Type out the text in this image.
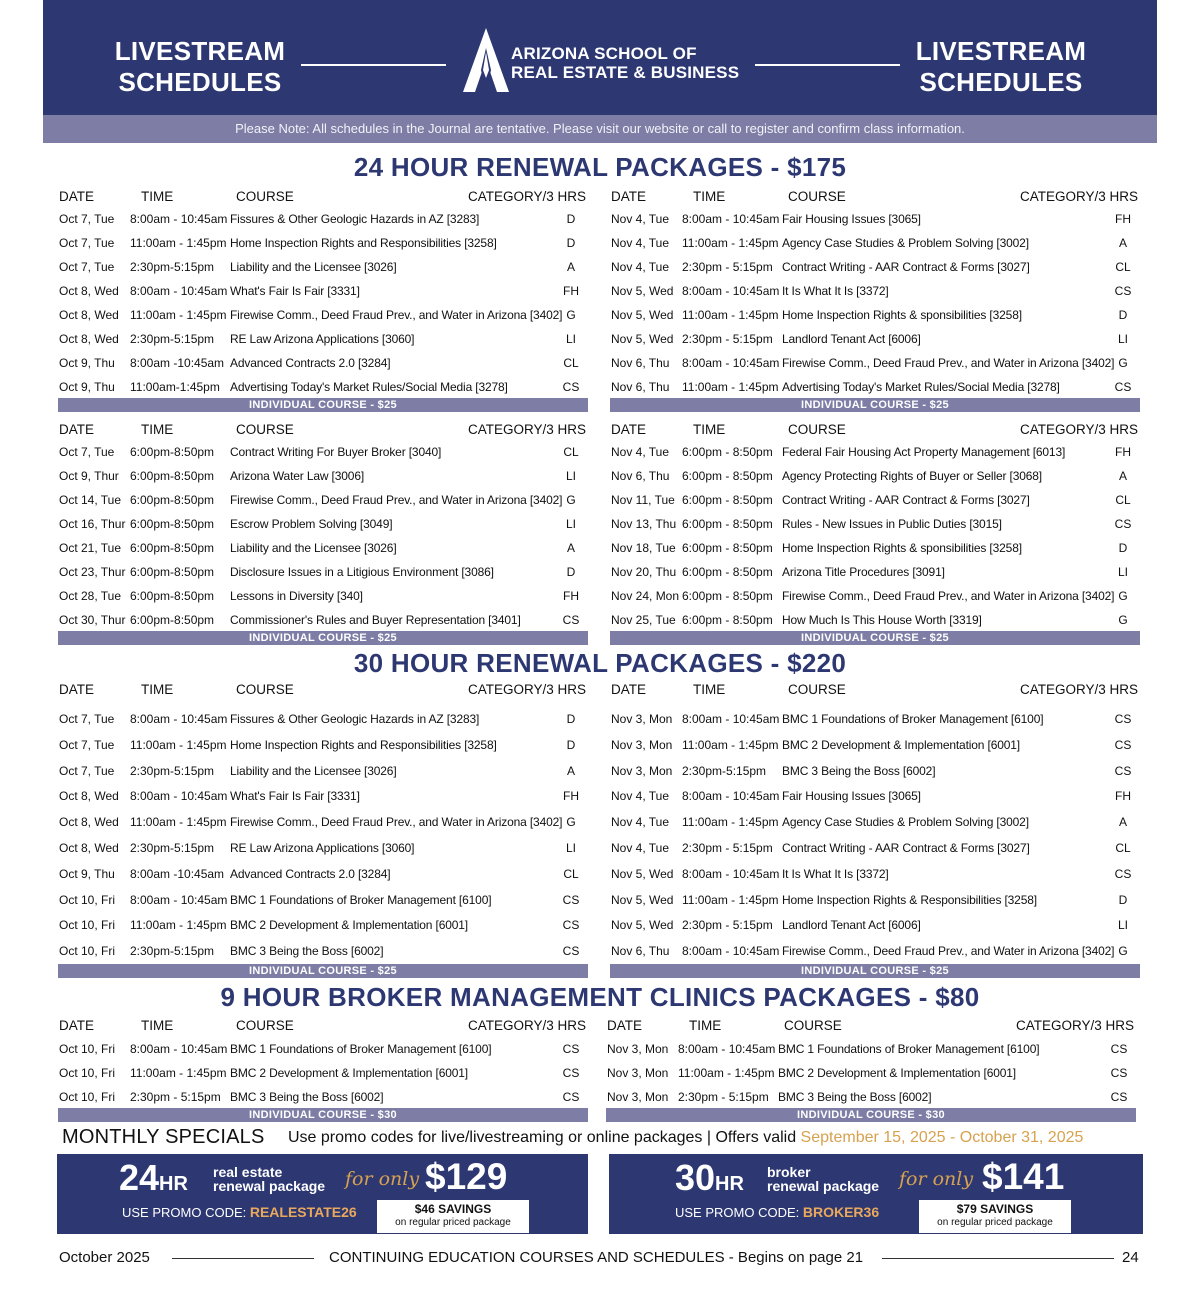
LIVESTREAM
SCHEDULES
ARIZONA SCHOOL OF
REAL ESTATE & BUSINESS
LIVESTREAM
SCHEDULES
Please Note: All schedules in the Journal are tentative. Please visit our website or call to register and confirm class information.
24 HOUR RENEWAL PACKAGES - $175
30 HOUR RENEWAL PACKAGES - $220
9 HOUR BROKER MANAGEMENT CLINICS PACKAGES - $80
DATE	TIME	COURSE	CATEGORY/3 HRS
Oct 7, Tue 8:00am - 10:45am Fissures & Other Geologic Hazards in AZ [3283]	D
Oct 7, Tue 11:00am - 1:45pm Home Inspection Rights and Responsibilities [3258]	D
Oct 7, Tue 2:30pm-5:15pm Liability and the Licensee [3026]	A
Oct 8, Wed 8:00am - 10:45am What's Fair Is Fair [3331]	FH
Oct 8, Wed 11:00am - 1:45pm Firewise Comm., Deed Fraud Prev., and Water in Arizona [3402] G
Oct 8, Wed 2:30pm-5:15pm RE Law Arizona Applications [3060]	LI
Oct 9, Thu 8:00am -10:45am Advanced Contracts 2.0 [3284]	CL
Oct 9, Thu 11:00am-1:45pm Advertising Today's Market Rules/Social Media [3278]	CS
INDIVIDUAL COURSE - $25
DATE	TIME	COURSE	CATEGORY/3 HRS
Nov 4, Tue 8:00am - 10:45am Fair Housing Issues [3065]	FH
Nov 4, Tue 11:00am - 1:45pm Agency Case Studies & Problem Solving [3002]	A
Nov 4, Tue 2:30pm - 5:15pm Contract Writing - AAR Contract & Forms [3027]	CL
Nov 5, Wed 8:00am - 10:45am It Is What It Is [3372]	CS
Nov 5, Wed 11:00am - 1:45pm Home Inspection Rights & sponsibilities [3258]	D
Nov 5, Wed 2:30pm - 5:15pm Landlord Tenant Act [6006]	LI
Nov 6, Thu 8:00am - 10:45am Firewise Comm., Deed Fraud Prev., and Water in Arizona [3402] G
Nov 6, Thu 11:00am - 1:45pm Advertising Today's Market Rules/Social Media [3278]	CS
INDIVIDUAL COURSE - $25
DATE	TIME	COURSE	CATEGORY/3 HRS
Oct 7, Tue 6:00pm-8:50pm Contract Writing For Buyer Broker [3040]	CL
Oct 9, Thur 6:00pm-8:50pm Arizona Water Law [3006]	LI
Oct 14, Tue 6:00pm-8:50pm Firewise Comm., Deed Fraud Prev., and Water in Arizona [3402] G
Oct 16, Thur 6:00pm-8:50pm Escrow Problem Solving [3049]	LI
Oct 21, Tue 6:00pm-8:50pm Liability and the Licensee [3026]	A
Oct 23, Thur 6:00pm-8:50pm Disclosure Issues in a Litigious Environment [3086]	D
Oct 28, Tue 6:00pm-8:50pm Lessons in Diversity [340]	FH
Oct 30, Thur 6:00pm-8:50pm Commissioner's Rules and Buyer Representation [3401]	CS
INDIVIDUAL COURSE - $25
DATE	TIME	COURSE	CATEGORY/3 HRS
Nov 4, Tue 6:00pm - 8:50pm Federal Fair Housing Act Property Management [6013]	FH
Nov 6, Thu 6:00pm - 8:50pm Agency Protecting Rights of Buyer or Seller [3068]	A
Nov 11, Tue 6:00pm - 8:50pm Contract Writing - AAR Contract & Forms [3027]	CL
Nov 13, Thu 6:00pm - 8:50pm Rules - New Issues in Public Duties [3015]	CS
Nov 18, Tue 6:00pm - 8:50pm Home Inspection Rights & sponsibilities [3258]	D
Nov 20, Thu 6:00pm - 8:50pm Arizona Title Procedures [3091]	LI
Nov 24, Mon 6:00pm - 8:50pm Firewise Comm., Deed Fraud Prev., and Water in Arizona [3402] G
Nov 25, Tue 6:00pm - 8:50pm How Much Is This House Worth [3319]	G
INDIVIDUAL COURSE - $25
DATE	TIME	COURSE	CATEGORY/3 HRS
Oct 7, Tue 8:00am - 10:45am Fissures & Other Geologic Hazards in AZ [3283]	D
Oct 7, Tue 11:00am - 1:45pm Home Inspection Rights and Responsibilities [3258]	D
Oct 7, Tue 2:30pm-5:15pm Liability and the Licensee [3026]	A
Oct 8, Wed 8:00am - 10:45am What's Fair Is Fair [3331]	FH
Oct 8, Wed 11:00am - 1:45pm Firewise Comm., Deed Fraud Prev., and Water in Arizona [3402] G
Oct 8, Wed 2:30pm-5:15pm RE Law Arizona Applications [3060]	LI
Oct 9, Thu 8:00am -10:45am Advanced Contracts 2.0 [3284]	CL
Oct 10, Fri 8:00am - 10:45am BMC 1 Foundations of Broker Management [6100]	CS
Oct 10, Fri 11:00am - 1:45pm BMC 2 Development & Implementation [6001]	CS
Oct 10, Fri 2:30pm-5:15pm BMC 3 Being the Boss [6002]	CS
INDIVIDUAL COURSE - $25
DATE	TIME	COURSE	CATEGORY/3 HRS
Nov 3, Mon 8:00am - 10:45am BMC 1 Foundations of Broker Management [6100]	CS
Nov 3, Mon 11:00am - 1:45pm BMC 2 Development & Implementation [6001]	CS
Nov 3, Mon 2:30pm-5:15pm BMC 3 Being the Boss [6002]	CS
Nov 4, Tue 8:00am - 10:45am Fair Housing Issues [3065]	FH
Nov 4, Tue 11:00am - 1:45pm Agency Case Studies & Problem Solving [3002]	A
Nov 4, Tue 2:30pm - 5:15pm Contract Writing - AAR Contract & Forms [3027]	CL
Nov 5, Wed 8:00am - 10:45am It Is What It Is [3372]	CS
Nov 5, Wed 11:00am - 1:45pm Home Inspection Rights & Responsibilities [3258]	D
Nov 5, Wed 2:30pm - 5:15pm Landlord Tenant Act [6006]	LI
Nov 6, Thu 8:00am - 10:45am Firewise Comm., Deed Fraud Prev., and Water in Arizona [3402] G
INDIVIDUAL COURSE - $25
DATE	TIME	COURSE	CATEGORY/3 HRS
Oct 10, Fri 8:00am - 10:45am BMC 1 Foundations of Broker Management [6100]	CS
Oct 10, Fri 11:00am - 1:45pm BMC 2 Development & Implementation [6001]	CS
Oct 10, Fri 2:30pm - 5:15pm BMC 3 Being the Boss [6002]	CS
INDIVIDUAL COURSE - $30
DATE	TIME	COURSE	CATEGORY/3 HRS
Nov 3, Mon 8:00am - 10:45am BMC 1 Foundations of Broker Management [6100]	CS
Nov 3, Mon 11:00am - 1:45pm BMC 2 Development & Implementation [6001]	CS
Nov 3, Mon 2:30pm - 5:15pm BMC 3 Being the Boss [6002]	CS
INDIVIDUAL COURSE - $30
MONTHLY SPECIALS Use promo codes for live/livestreaming or online packages | Offers valid September 15, 2025 - October 31, 2025
24HR
real estate
renewal package for only $129
USE PROMO CODE: REALESTATE26	$46 SAVINGS
on regular priced package
30HR
broker
renewal package for only $141
USE PROMO CODE: BROKER36	$79 SAVINGS
on regular priced package
October 2025	CONTINUING EDUCATION COURSES AND SCHEDULES - Begins on page 21	24
